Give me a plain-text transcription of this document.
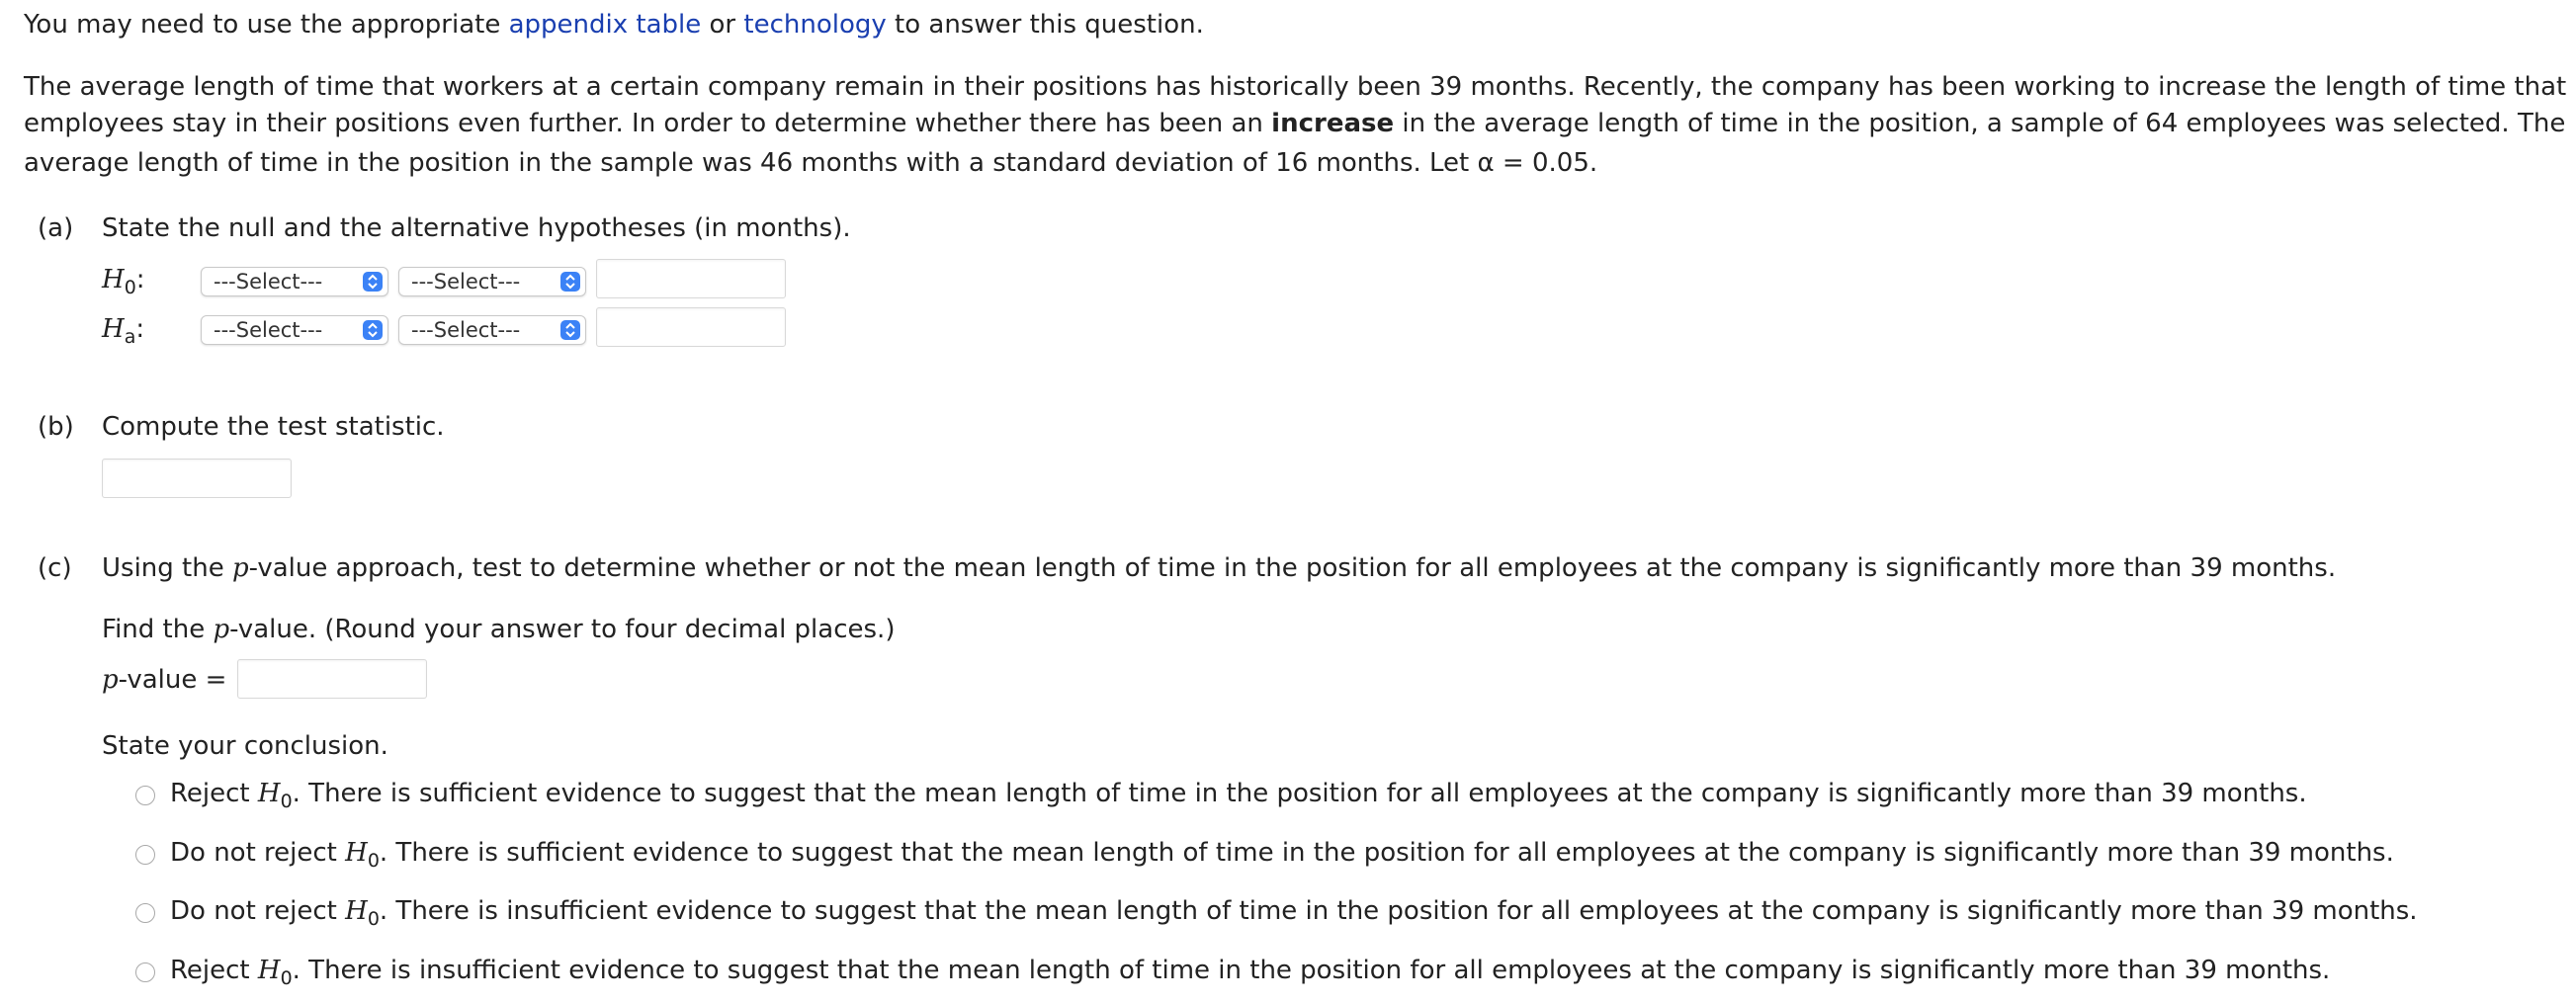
You may need to use the appropriate appendix table or technology to answer this question.
The average length of time that workers at a certain company remain in their positions has historically been 39 months. Recently, the company has been working to increase the length of time that
employees stay in their positions even further. In order to determine whether there has been an increase in the average length of time in the position, a sample of 64 employees was selected. The
average length of time in the position in the sample was 46 months with a standard deviation of 16 months. Let α = 0.05.
(a) State the null and the alternative hypotheses (in months).
$H_0$:	---Select---	---Select---
$H_a$:	---Select---	---Select---
(b) Compute the test statistic.
(c) Using the p-value approach, test to determine whether or not the mean length of time in the position for all employees at the company is significantly more than 39 months.
Find the p-value. (Round your answer to four decimal places.)
p-value =
State your conclusion.
Reject $H_0$. There is sufficient evidence to suggest that the mean length of time in the position for all employees at the company is significantly more than 39 months.
Do not reject $H_0$. There is sufficient evidence to suggest that the mean length of time in the position for all employees at the company is significantly more than 39 months.
Do not reject $H_0$. There is insufficient evidence to suggest that the mean length of time in the position for all employees at the company is significantly more than 39 months.
Reject $H_0$. There is insufficient evidence to suggest that the mean length of time in the position for all employees at the company is significantly more than 39 months.
